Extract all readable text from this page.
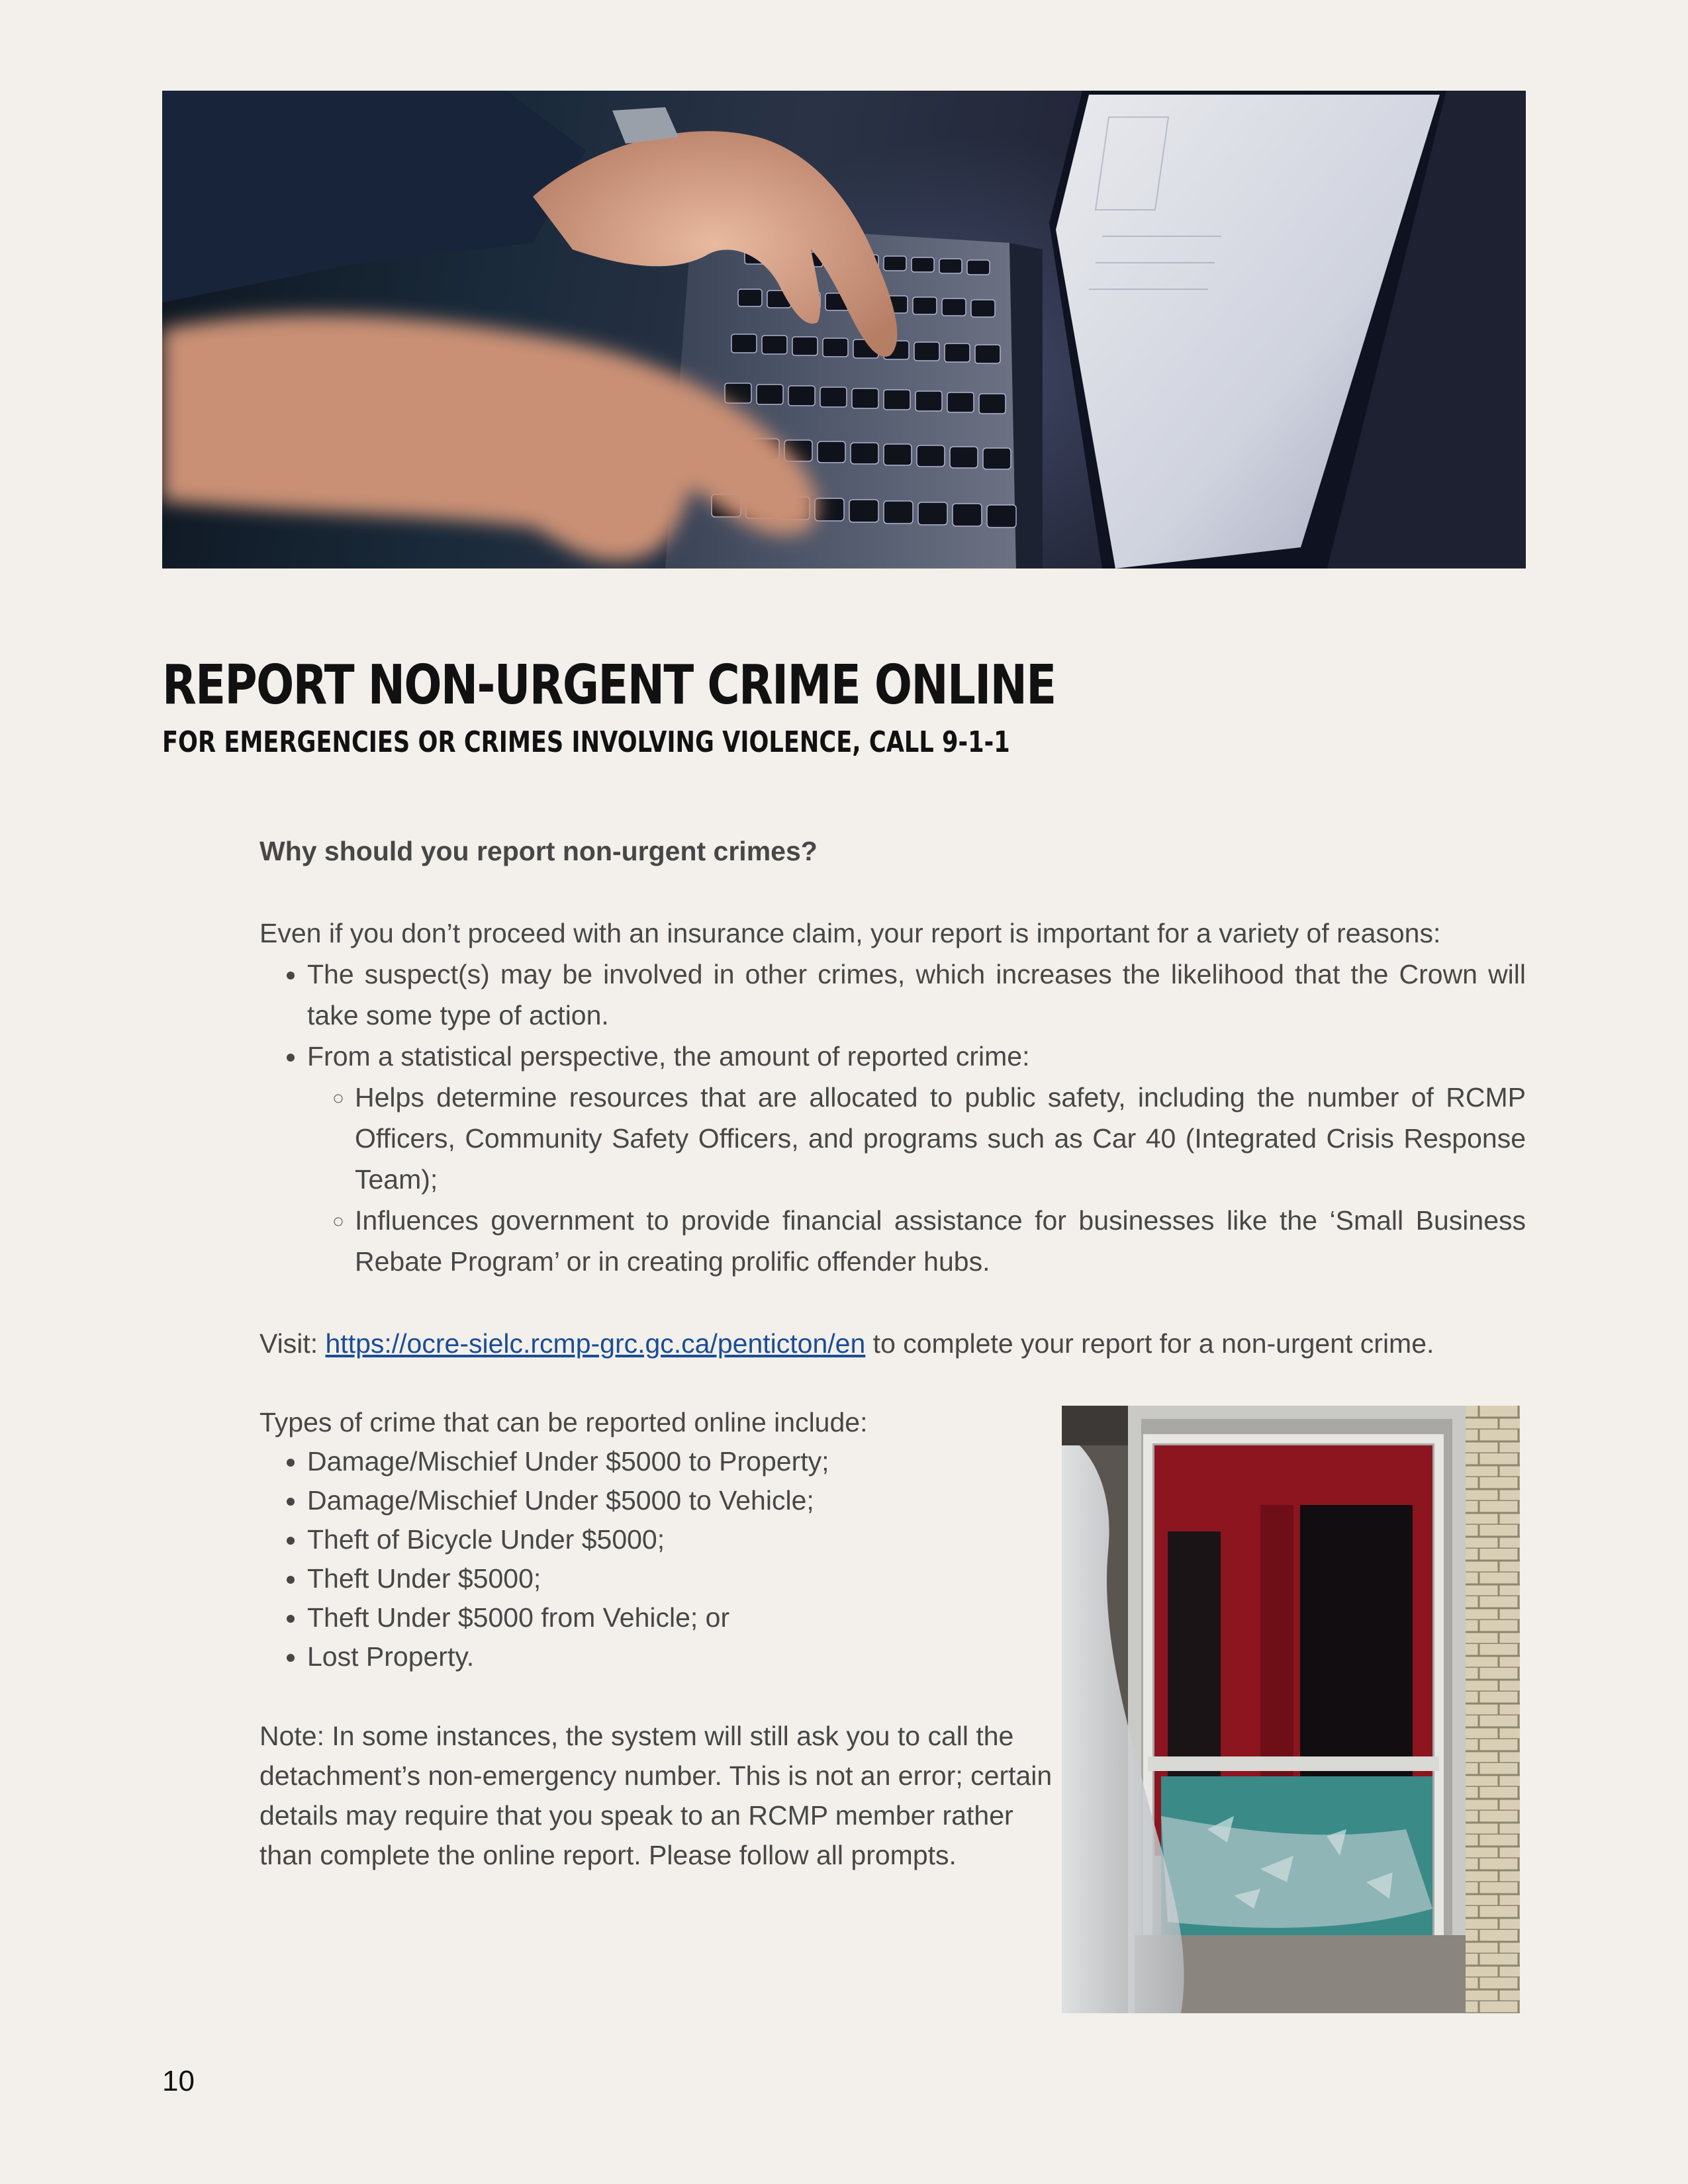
REPORT NON-URGENT CRIME ONLINE
FOR EMERGENCIES OR CRIMES INVOLVING VIOLENCE, CALL 9-1-1

Why should you report non-urgent crimes?

Even if you don’t proceed with an insurance claim, your report is important for a variety of reasons:

• The suspect(s) may be involved in other crimes, which increases the likelihood that the Crown will take some type of action.
• From a statistical perspective, the amount of reported crime:
◦ Helps determine resources that are allocated to public safety, including the number of RCMP Officers, Community Safety Officers, and programs such as Car 40 (Integrated Crisis Response Team);
◦ Influences government to provide financial assistance for businesses like the ‘Small Business Rebate Program’ or in creating prolific offender hubs.

Visit: https://ocre-sielc.rcmp-grc.gc.ca/penticton/en to complete your report for a non-urgent crime.

Types of crime that can be reported online include:

• Damage/Mischief Under $5000 to Property;
• Damage/Mischief Under $5000 to Vehicle;
• Theft of Bicycle Under $5000;
• Theft Under $5000;
• Theft Under $5000 from Vehicle; or
• Lost Property.

Note: In some instances, the system will still ask you to call the detachment’s non-emergency number. This is not an error; certain details may require that you speak to an RCMP member rather than complete the online report. Please follow all prompts.

10
